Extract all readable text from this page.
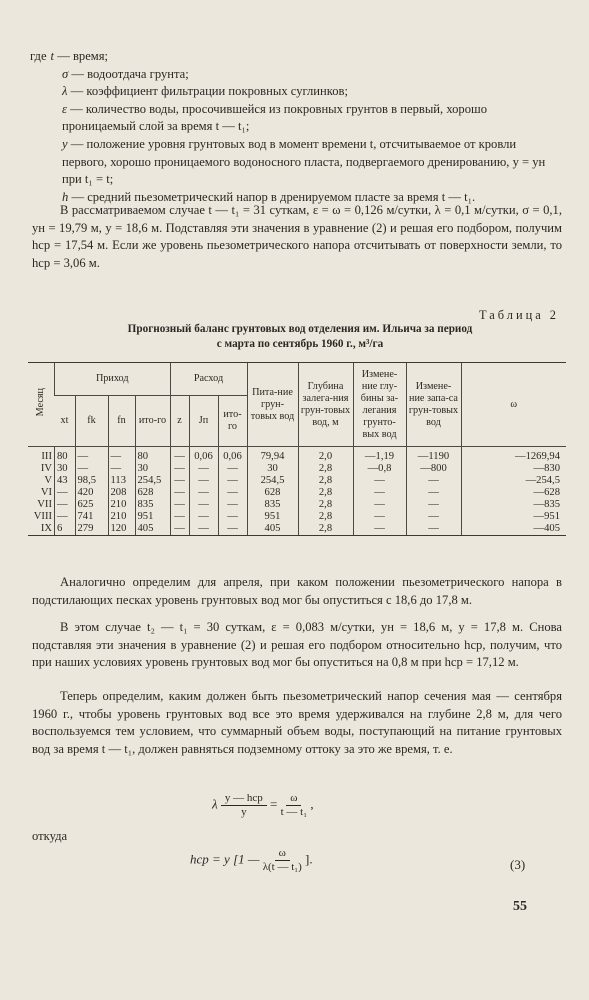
где t — время;
σ — водоотдача грунта;
λ — коэффициент фильтрации покровных суглинков;
ε — количество воды, просочившейся из покровных грунтов в первый, хорошо проницаемый слой за время t — t₁;
y — положение уровня грунтовых вод в момент времени t, отсчитываемое от кровли первого, хорошо проницаемого водоносного пласта, подвергаемого дренированию, y = yн при t₁ = t;
h — средний пьезометрический напор в дренируемом пласте за время t — t₁.

В рассматриваемом случае t — t₁ = 31 суткам, ε = ω = 0,126 м/сутки, λ = 0,1 м/сутки, σ = 0,1, yн = 19,79 м, y = 18,6 м. Подставляя эти значения в уравнение (2) и решая его подбором, получим hср = 17,54 м. Если же уровень пьезометрического напора отсчитывать от поверхности земли, то hср = 3,06 м.

Таблица 2
Прогнозный баланс грунтовых вод отделения им. Ильича за период
с марта по сентябрь 1960 г., м³/га
Месяц	Приход				Расход			Пита-ние грун-товых вод	Глубина залега-ния грун-товых вод, м	Измене-ние глу-бины за-легания грунто-вых вод	Измене-ние запа-са грун-товых вод	ω
	xt	fk	fn	ито-го	z	Jп	ито-го					
III	80	—	—	80	—	0,06	0,06	79,94	2,0	—1,19	—1190	—1269,94
IV	30	—	—	30	—	—	—	30	2,8	—0,8	—800	—830
V	43	98,5	113	254,5	—	—	—	254,5	2,8	—	—	—254,5
VI	—	420	208	628	—	—	—	628	2,8	—	—	—628
VII	—	625	210	835	—	—	—	835	2,8	—	—	—835
VIII	—	741	210	951	—	—	—	951	2,8	—	—	—951
IX	6	279	120	405	—	—	—	405	2,8	—	—	—405

Аналогично определим для апреля, при каком положении пьезометрического напора в подстилающих песках уровень грунтовых вод мог бы опуститься с 18,6 до 17,8 м.

В этом случае t₂ — t₁ = 30 суткам, ε = 0,083 м/сутки, yн = 18,6 м, y = 17,8 м. Снова подставляя эти значения в уравнение (2) и решая его подбором относительно hср, получим, что при наших условиях уровень грунтовых вод мог бы опуститься на 0,8 м при hср = 17,12 м.

Теперь определим, каким должен быть пьезометрический напор сечения мая — сентября 1960 г., чтобы уровень грунтовых вод все это время удерживался на глубине 2,8 м, для чего воспользуемся тем условием, что суммарный объем воды, поступающий на питание грунтовых вод за время t — t₁, должен равняться подземному оттоку за это же время, т. е.

λ $\frac{\text{y — hср}}{y} = \frac{\omega}{\text{t — t₁}}$ ,
откуда
hср = y [1 — $\frac{\omega}{\text{λ(t — t₁)}}$ ].	(3)
55
